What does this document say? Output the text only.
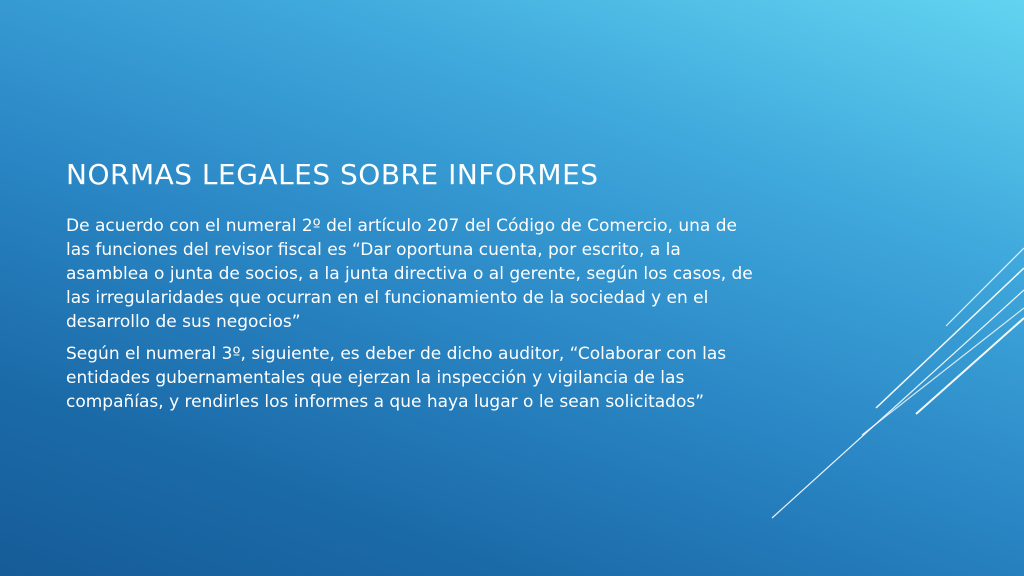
NORMAS LEGALES SOBRE INFORMES

De acuerdo con el numeral 2º del artículo 207 del Código de Comercio, una de las funciones del revisor fiscal es “Dar oportuna cuenta, por escrito, a la asamblea o junta de socios, a la junta directiva o al gerente, según los casos, de las irregularidades que ocurran en el funcionamiento de la sociedad y en el desarrollo de sus negocios”

Según el numeral 3º, siguiente, es deber de dicho auditor, “Colaborar con las entidades gubernamentales que ejerzan la inspección y vigilancia de las compañías, y rendirles los informes a que haya lugar o le sean solicitados”
